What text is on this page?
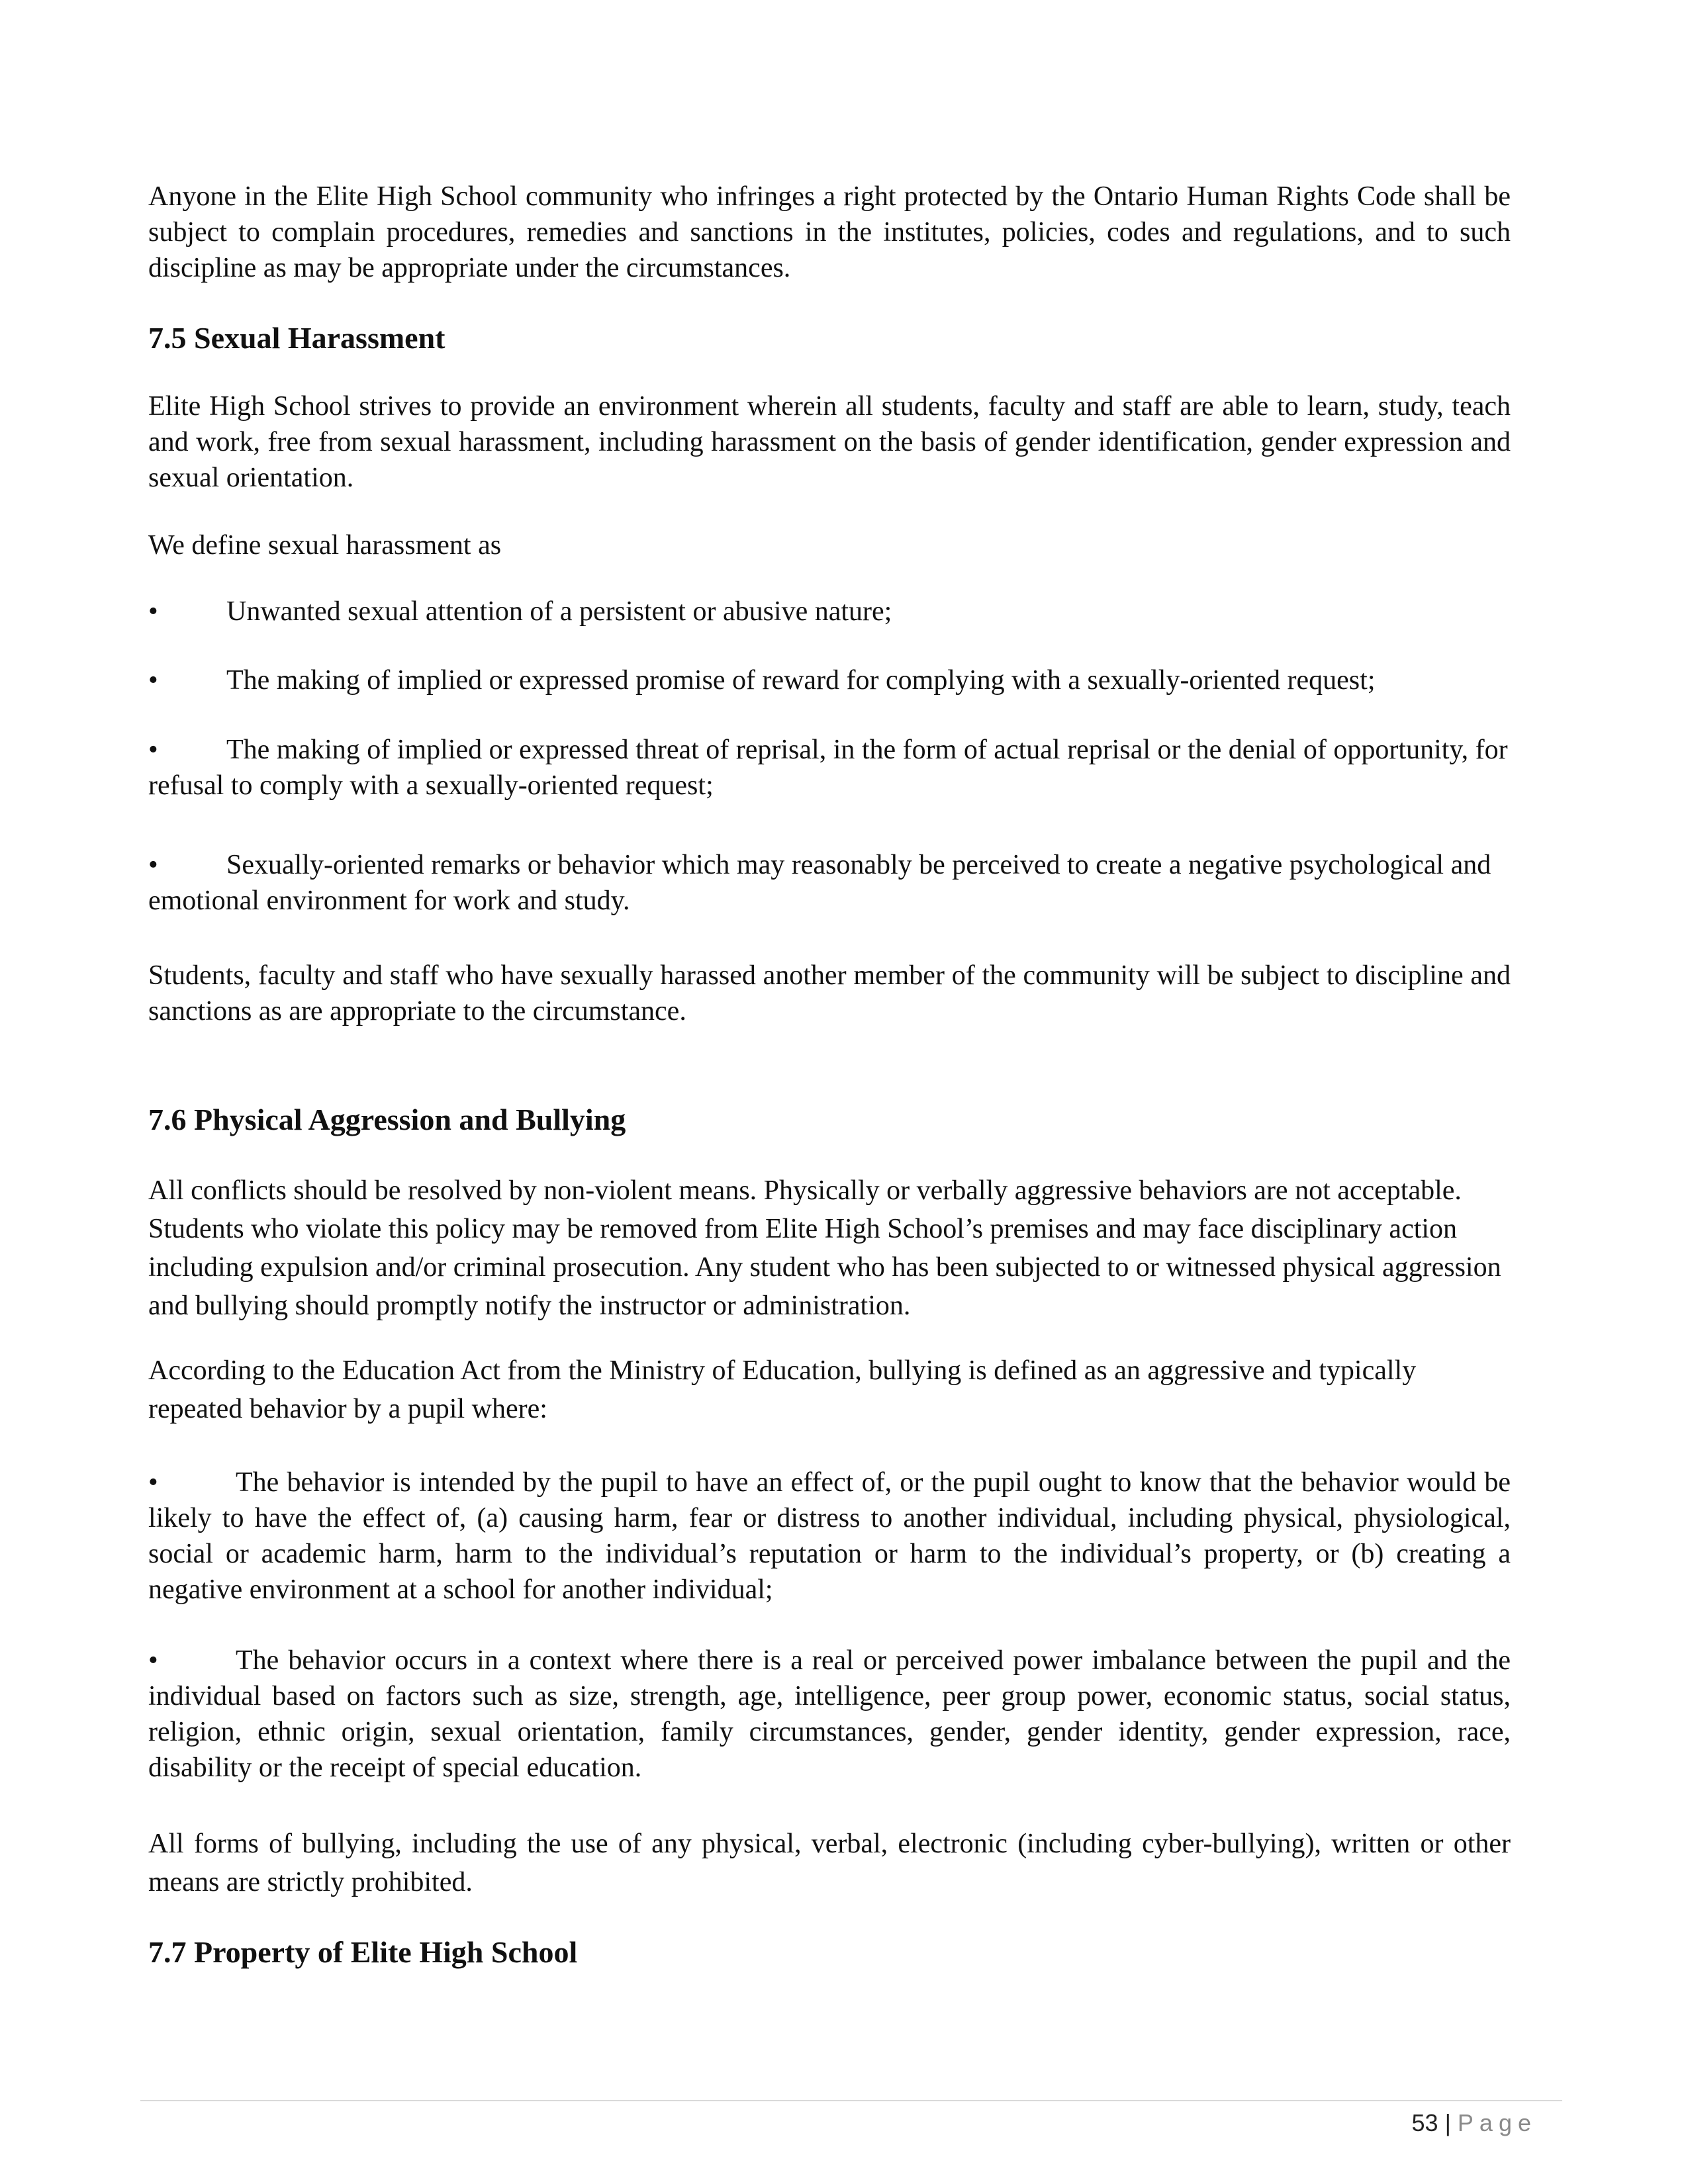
Anyone in the Elite High School community who infringes a right protected by the Ontario Human Rights Code shall be subject to complain procedures, remedies and sanctions in the institutes, policies, codes and regulations, and to such discipline as may be appropriate under the circumstances.

7.5 Sexual Harassment

Elite High School strives to provide an environment wherein all students, faculty and staff are able to learn, study, teach and work, free from sexual harassment, including harassment on the basis of gender identification, gender expression and sexual orientation.

We define sexual harassment as

• Unwanted sexual attention of a persistent or abusive nature;

• The making of implied or expressed promise of reward for complying with a sexually-oriented request;

• The making of implied or expressed threat of reprisal, in the form of actual reprisal or the denial of opportunity, for refusal to comply with a sexually-oriented request;

• Sexually-oriented remarks or behavior which may reasonably be perceived to create a negative psychological and emotional environment for work and study.

Students, faculty and staff who have sexually harassed another member of the community will be subject to discipline and sanctions as are appropriate to the circumstance.

7.6 Physical Aggression and Bullying

All conflicts should be resolved by non-violent means. Physically or verbally aggressive behaviors are not acceptable. Students who violate this policy may be removed from Elite High School’s premises and may face disciplinary action including expulsion and/or criminal prosecution. Any student who has been subjected to or witnessed physical aggression and bullying should promptly notify the instructor or administration.

According to the Education Act from the Ministry of Education, bullying is defined as an aggressive and typically repeated behavior by a pupil where:

•	The behavior is intended by the pupil to have an effect of, or the pupil ought to know that the behavior would be likely to have the effect of, (a) causing harm, fear or distress to another individual, including physical, physiological, social or academic harm, harm to the individual’s reputation or harm to the individual’s property, or (b) creating a negative environment at a school for another individual;

•	The behavior occurs in a context where there is a real or perceived power imbalance between the pupil and the individual based on factors such as size, strength, age, intelligence, peer group power, economic status, social status, religion, ethnic origin, sexual orientation, family circumstances, gender, gender identity, gender expression, race, disability or the receipt of special education.

All forms of bullying, including the use of any physical, verbal, electronic (including cyber-bullying), written or other means are strictly prohibited.

7.7 Property of Elite High School
53 | Page
